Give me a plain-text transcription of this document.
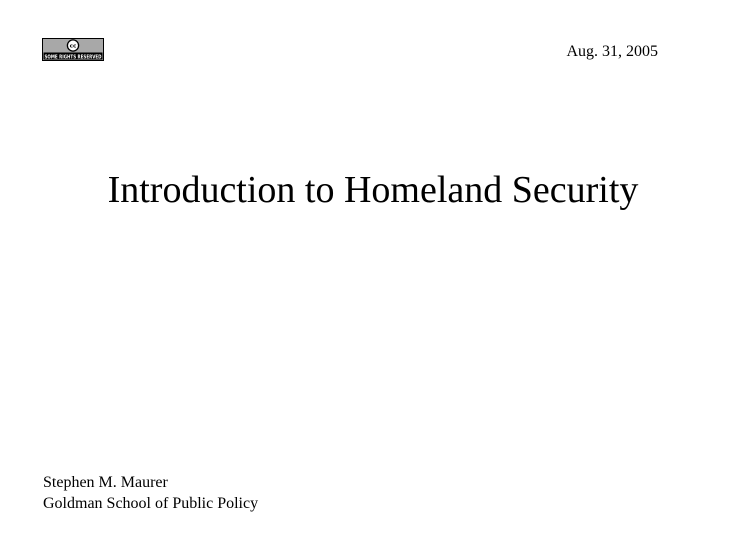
cc
SOME RIGHTS RESERVED	Aug. 31, 2005
Introduction to Homeland Security
Stephen M. Maurer
Goldman School of Public Policy
